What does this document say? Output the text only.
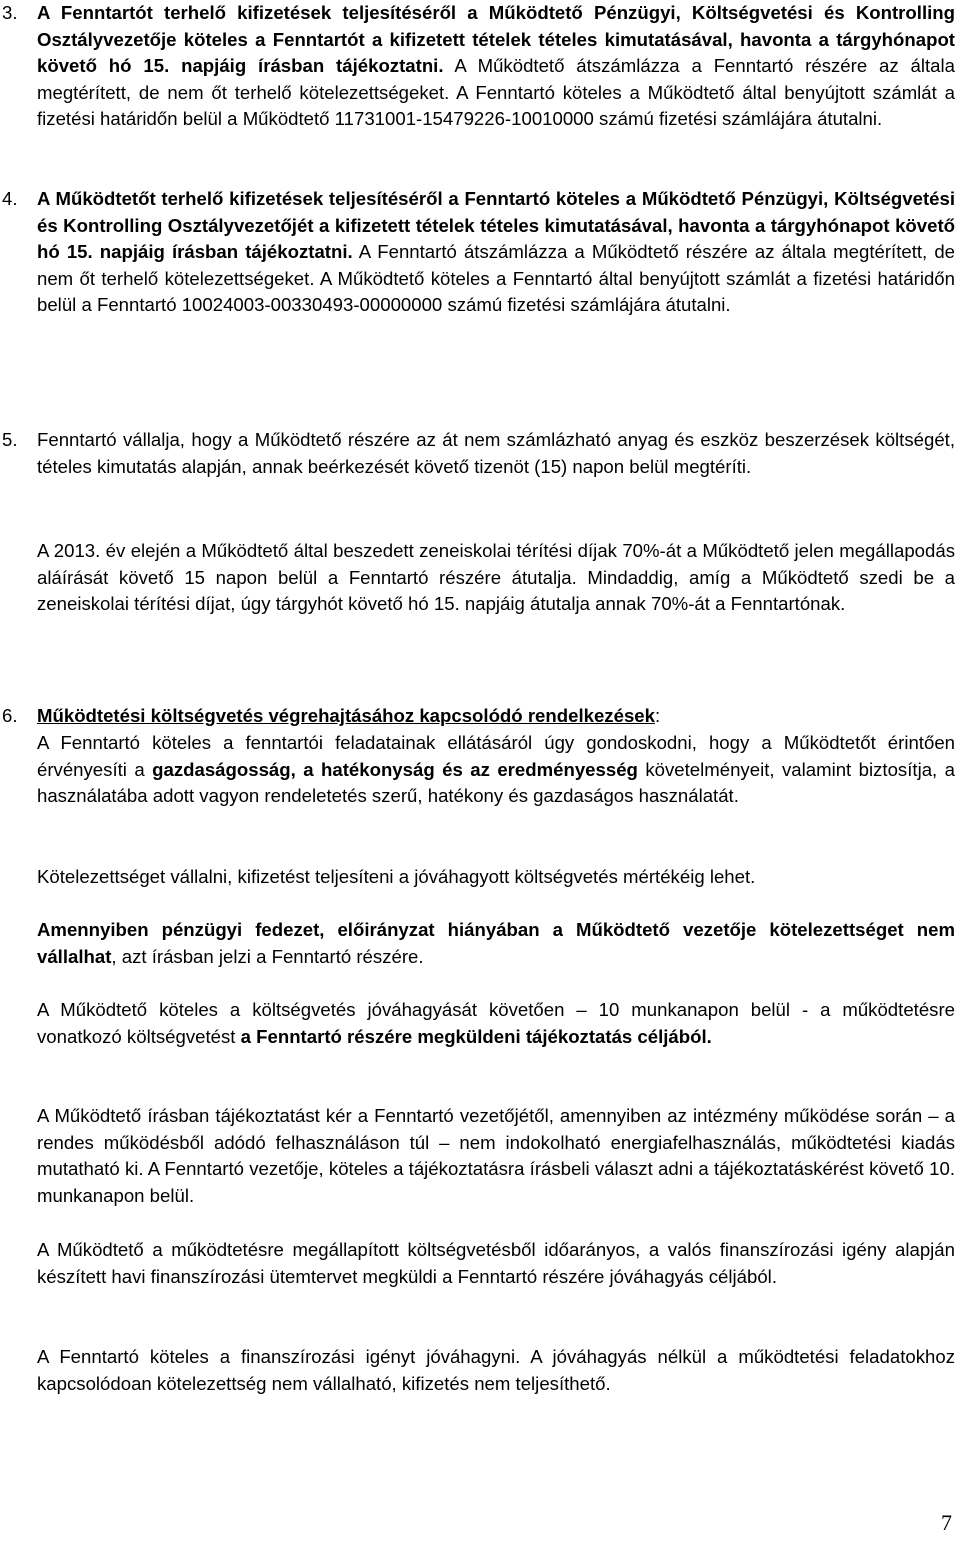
3.	A Fenntartót terhelő kifizetések teljesítéséről a Működtető Pénzügyi, Költségvetési és Kontrolling Osztályvezetője köteles a Fenntartót a kifizetett tételek tételes kimutatásával, havonta a tárgyhónapot követő hó 15. napjáig írásban tájékoztatni. A Működtető átszámlázza a Fenntartó részére az általa megtérített, de nem őt terhelő kötelezettségeket. A Fenntartó köteles a Működtető által benyújtott számlát a fizetési határidőn belül a Működtető 11731001-15479226-10010000 számú fizetési számlájára átutalni.
4.	A Működtetőt terhelő kifizetések teljesítéséről a Fenntartó köteles a Működtető Pénzügyi, Költségvetési és Kontrolling Osztályvezetőjét a kifizetett tételek tételes kimutatásával, havonta a tárgyhónapot követő hó 15. napjáig írásban tájékoztatni. A Fenntartó átszámlázza a Működtető részére az általa megtérített, de nem őt terhelő kötelezettségeket. A Működtető köteles a Fenntartó által benyújtott számlát a fizetési határidőn belül a Fenntartó 10024003-00330493-00000000 számú fizetési számlájára átutalni.
5.	Fenntartó vállalja, hogy a Működtető részére az át nem számlázható anyag és eszköz beszerzések költségét, tételes kimutatás alapján, annak beérkezését követő tizenöt (15) napon belül megtéríti.

A 2013. év elején a Működtető által beszedett zeneiskolai térítési díjak 70%-át a Működtető jelen megállapodás aláírását követő 15 napon belül a Fenntartó részére átutalja. Mindaddig, amíg a Működtető szedi be a zeneiskolai térítési díjat, úgy tárgyhót követő hó 15. napjáig átutalja annak 70%-át a Fenntartónak.

6.	Működtetési költségvetés végrehajtásához kapcsolódó rendelkezések:

A Fenntartó köteles a fenntartói feladatainak ellátásáról úgy gondoskodni, hogy a Működtetőt érintően érvényesíti a gazdaságosság, a hatékonyság és az eredményesség követelményeit, valamint biztosítja, a használatába adott vagyon rendeletetés szerű, hatékony és gazdaságos használatát.

Kötelezettséget vállalni, kifizetést teljesíteni a jóváhagyott költségvetés mértékéig lehet.

Amennyiben pénzügyi fedezet, előirányzat hiányában a Működtető vezetője kötelezettséget nem vállalhat, azt írásban jelzi a Fenntartó részére.

A Működtető köteles a költségvetés jóváhagyását követően – 10 munkanapon belül - a működtetésre vonatkozó költségvetést a Fenntartó részére megküldeni tájékoztatás céljából.

A Működtető írásban tájékoztatást kér a Fenntartó vezetőjétől, amennyiben az intézmény működése során – a rendes működésből adódó felhasználáson túl – nem indokolható energiafelhasználás, működtetési kiadás mutatható ki. A Fenntartó vezetője, köteles a tájékoztatásra írásbeli választ adni a tájékoztatáskérést követő 10. munkanapon belül.

A Működtető a működtetésre megállapított költségvetésből időarányos, a valós finanszírozási igény alapján készített havi finanszírozási ütemtervet megküldi a Fenntartó részére jóváhagyás céljából.

A Fenntartó köteles a finanszírozási igényt jóváhagyni. A jóváhagyás nélkül a működtetési feladatokhoz kapcsolódoan kötelezettség nem vállalható, kifizetés nem teljesíthető.

7
